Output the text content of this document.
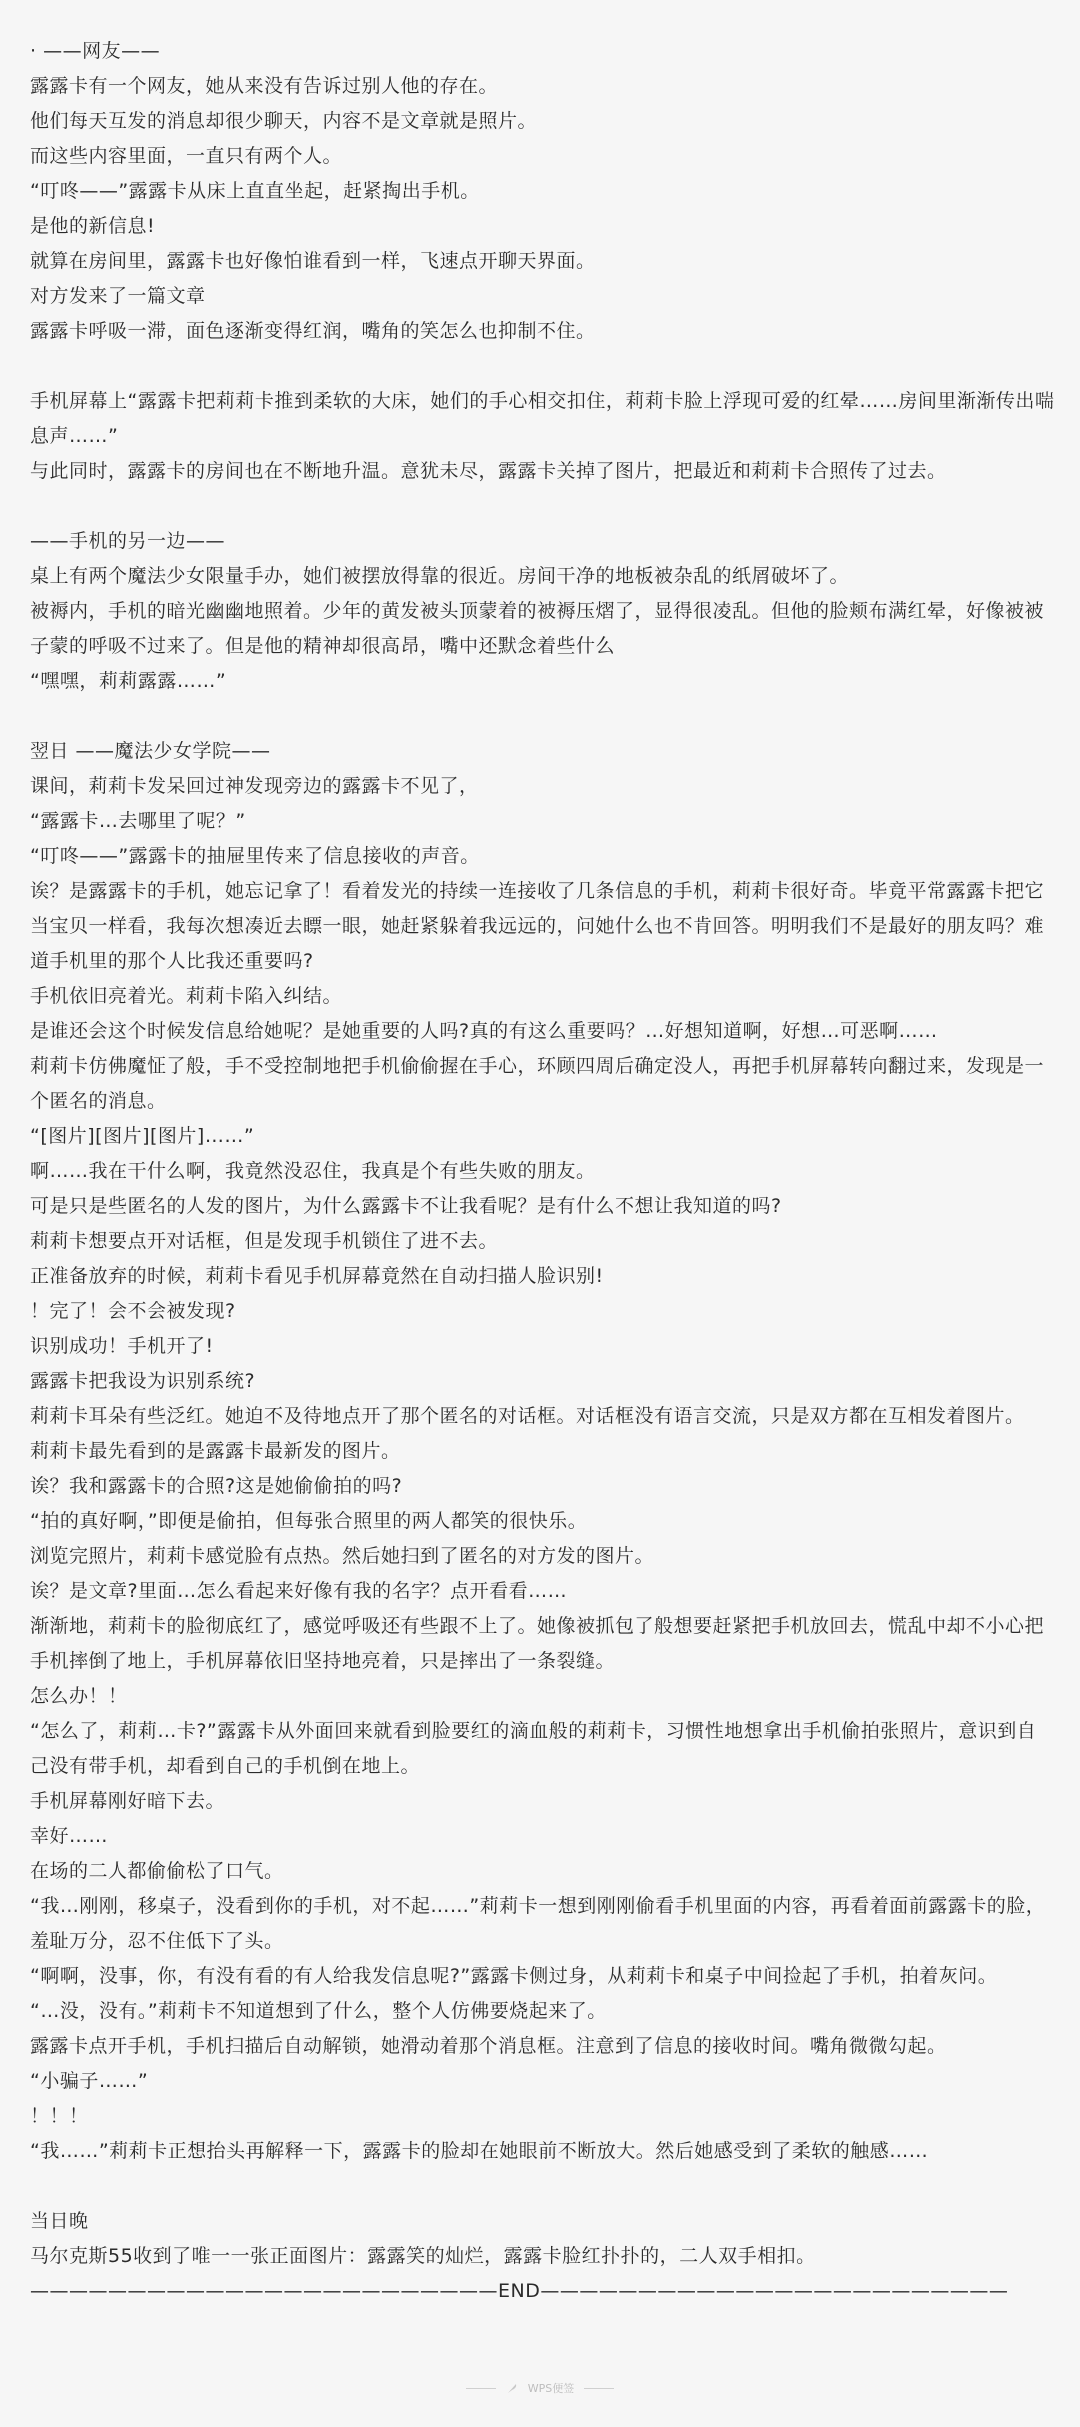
· ——网友——
露露卡有一个网友，她从来没有告诉过别人他的存在。
他们每天互发的消息却很少聊天，内容不是文章就是照片。
而这些内容里面，一直只有两个人。
“叮咚——”露露卡从床上直直坐起，赶紧掏出手机。
是他的新信息!
就算在房间里，露露卡也好像怕谁看到一样，飞速点开聊天界面。
对方发来了一篇文章
露露卡呼吸一滞，面色逐渐变得红润，嘴角的笑怎么也抑制不住。
手机屏幕上“露露卡把莉莉卡推到柔软的大床，她们的手心相交扣住，莉莉卡脸上浮现可爱的红晕……房间里渐渐传出喘息声……”
与此同时，露露卡的房间也在不断地升温。意犹未尽，露露卡关掉了图片，把最近和莉莉卡合照传了过去。
——手机的另一边——
桌上有两个魔法少女限量手办，她们被摆放得靠的很近。房间干净的地板被杂乱的纸屑破坏了。
被褥内，手机的暗光幽幽地照着。少年的黄发被头顶蒙着的被褥压熠了，显得很凌乱。但他的脸颊布满红晕，好像被被子蒙的呼吸不过来了。但是他的精神却很高昂，嘴中还默念着些什么
“嘿嘿，莉莉露露……”
翌日 ——魔法少女学院——
课间，莉莉卡发呆回过神发现旁边的露露卡不见了，
“露露卡…去哪里了呢？”
“叮咚——”露露卡的抽屉里传来了信息接收的声音。
诶？是露露卡的手机，她忘记拿了！看着发光的持续一连接收了几条信息的手机，莉莉卡很好奇。毕竟平常露露卡把它当宝贝一样看，我每次想凑近去瞟一眼，她赶紧躲着我远远的，问她什么也不肯回答。明明我们不是最好的朋友吗？难道手机里的那个人比我还重要吗?
手机依旧亮着光。莉莉卡陷入纠结。
是谁还会这个时候发信息给她呢？是她重要的人吗?真的有这么重要吗？…好想知道啊，好想…可恶啊……
莉莉卡仿佛魔怔了般，手不受控制地把手机偷偷握在手心，环顾四周后确定没人，再把手机屏幕转向翻过来，发现是一个匿名的消息。
“[图片][图片][图片]……”
啊……我在干什么啊，我竟然没忍住，我真是个有些失败的朋友。
可是只是些匿名的人发的图片，为什么露露卡不让我看呢？是有什么不想让我知道的吗?
莉莉卡想要点开对话框，但是发现手机锁住了进不去。
正准备放弃的时候，莉莉卡看见手机屏幕竟然在自动扫描人脸识别!
！完了！会不会被发现?
识别成功！手机开了!
露露卡把我设为识别系统?
莉莉卡耳朵有些泛红。她迫不及待地点开了那个匿名的对话框。对话框没有语言交流，只是双方都在互相发着图片。
莉莉卡最先看到的是露露卡最新发的图片。
诶？我和露露卡的合照?这是她偷偷拍的吗?
“拍的真好啊，”即便是偷拍，但每张合照里的两人都笑的很快乐。
浏览完照片，莉莉卡感觉脸有点热。然后她扫到了匿名的对方发的图片。
诶？是文章?里面…怎么看起来好像有我的名字？点开看看……
渐渐地，莉莉卡的脸彻底红了，感觉呼吸还有些跟不上了。她像被抓包了般想要赶紧把手机放回去，慌乱中却不小心把手机摔倒了地上，手机屏幕依旧坚持地亮着，只是摔出了一条裂缝。
怎么办！！
“怎么了，莉莉…卡?”露露卡从外面回来就看到脸要红的滴血般的莉莉卡，习惯性地想拿出手机偷拍张照片，意识到自己没有带手机，却看到自己的手机倒在地上。
手机屏幕刚好暗下去。
幸好……
在场的二人都偷偷松了口气。
“我…刚刚，移桌子，没看到你的手机，对不起……”莉莉卡一想到刚刚偷看手机里面的内容，再看着面前露露卡的脸，羞耻万分，忍不住低下了头。
“啊啊，没事，你，有没有看的有人给我发信息呢?”露露卡侧过身，从莉莉卡和桌子中间捡起了手机，拍着灰问。
“…没，没有。”莉莉卡不知道想到了什么，整个人仿佛要烧起来了。
露露卡点开手机，手机扫描后自动解锁，她滑动着那个消息框。注意到了信息的接收时间。嘴角微微勾起。
“小骗子……”
！！！
“我……”莉莉卡正想抬头再解释一下，露露卡的脸却在她眼前不断放大。然后她感受到了柔软的触感……
当日晚
马尔克斯55收到了唯一一张正面图片：露露笑的灿烂，露露卡脸红扑扑的，二人双手相扣。
————————————————————————END————————————————————————
WPS便签
